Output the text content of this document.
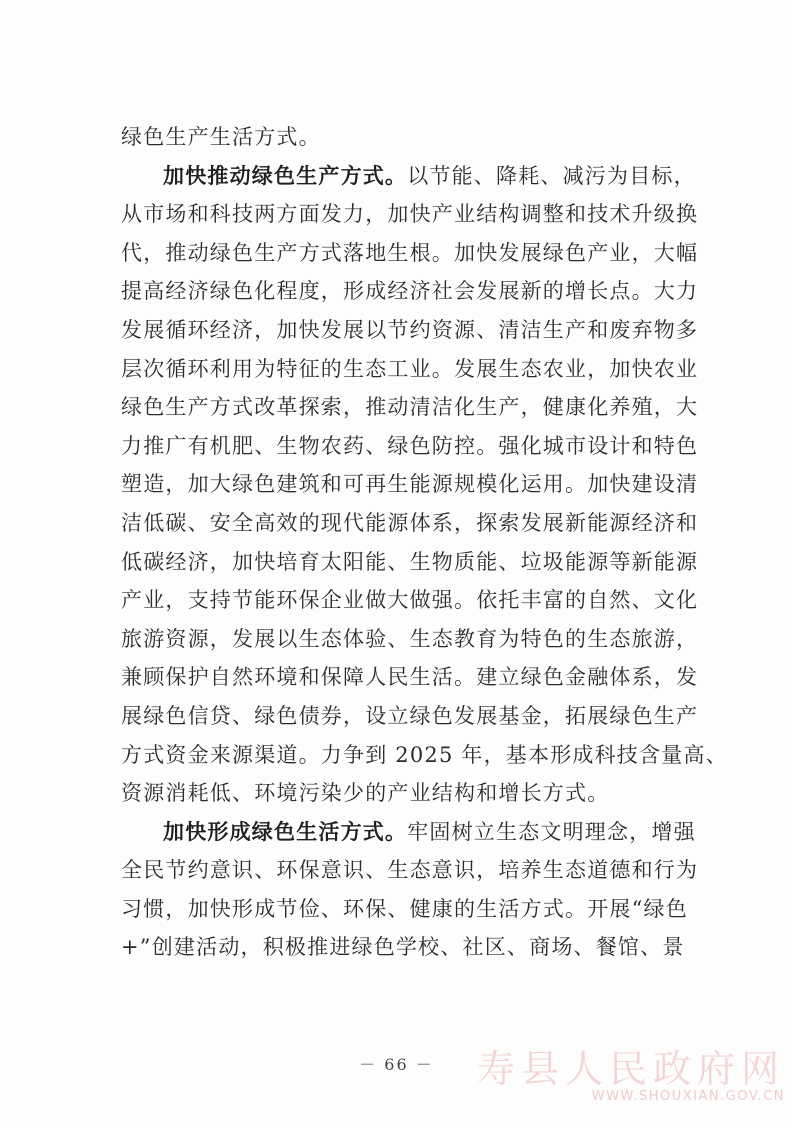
绿色生产生活方式。
加快推动绿色生产方式。以节能、降耗、减污为目标，
从市场和科技两方面发力，加快产业结构调整和技术升级换
代，推动绿色生产方式落地生根。加快发展绿色产业，大幅
提高经济绿色化程度，形成经济社会发展新的增长点。大力
发展循环经济，加快发展以节约资源、清洁生产和废弃物多
层次循环利用为特征的生态工业。发展生态农业，加快农业
绿色生产方式改革探索，推动清洁化生产，健康化养殖，大
力推广有机肥、生物农药、绿色防控。强化城市设计和特色
塑造，加大绿色建筑和可再生能源规模化运用。加快建设清
洁低碳、安全高效的现代能源体系，探索发展新能源经济和
低碳经济，加快培育太阳能、生物质能、垃圾能源等新能源
产业，支持节能环保企业做大做强。依托丰富的自然、文化
旅游资源，发展以生态体验、生态教育为特色的生态旅游，
兼顾保护自然环境和保障人民生活。建立绿色金融体系，发
展绿色信贷、绿色债券，设立绿色发展基金，拓展绿色生产
方式资金来源渠道。力争到 2025 年，基本形成科技含量高、
资源消耗低、环境污染少的产业结构和增长方式。
加快形成绿色生活方式。牢固树立生态文明理念，增强
全民节约意识、环保意识、生态意识，培养生态道德和行为
习惯，加快形成节俭、环保、健康的生活方式。开展“绿色
+”创建活动，积极推进绿色学校、社区、商场、餐馆、景
－ 66 －	寿县人民政府网
WWW.SHOUXIAN.GOV.CN
